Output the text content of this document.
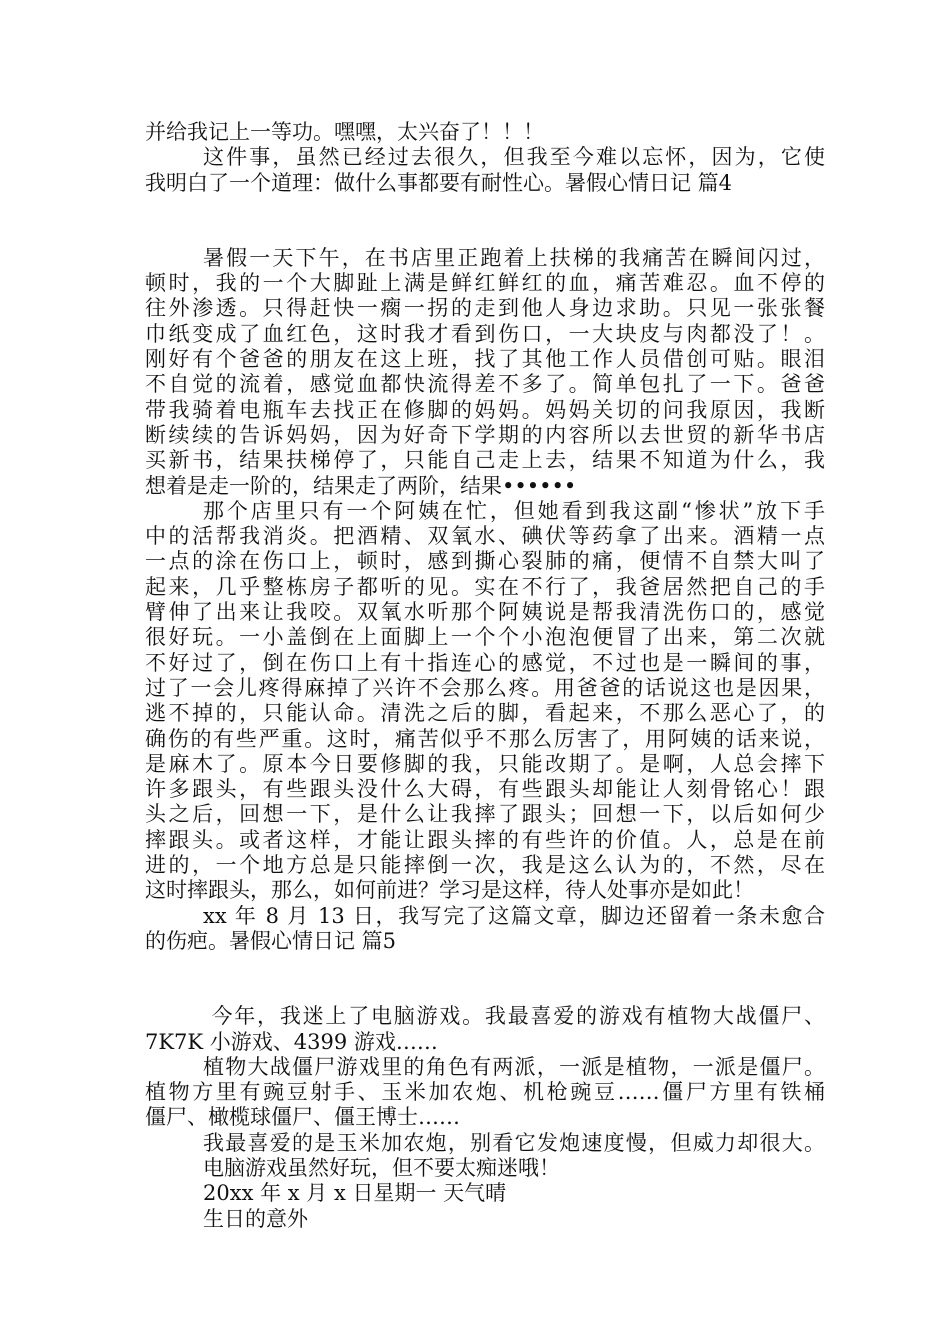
并给我记上一等功。嘿嘿，太兴奋了！！！
这件事，虽然已经过去很久，但我至今难以忘怀，因为，它使
我明白了一个道理：做什么事都要有耐性心。暑假心情日记 篇4
暑假一天下午，在书店里正跑着上扶梯的我痛苦在瞬间闪过，
顿时，我的一个大脚趾上满是鲜红鲜红的血，痛苦难忍。血不停的
往外渗透。只得赶快一瘸一拐的走到他人身边求助。只见一张张餐
巾纸变成了血红色，这时我才看到伤口，一大块皮与肉都没了！。
刚好有个爸爸的朋友在这上班，找了其他工作人员借创可贴。眼泪
不自觉的流着，感觉血都快流得差不多了。简单包扎了一下。爸爸
带我骑着电瓶车去找正在修脚的妈妈。妈妈关切的问我原因，我断
断续续的告诉妈妈，因为好奇下学期的内容所以去世贸的新华书店
买新书，结果扶梯停了，只能自己走上去，结果不知道为什么，我
想着是走一阶的，结果走了两阶，结果••••••
那个店里只有一个阿姨在忙，但她看到我这副“惨状”放下手
中的活帮我消炎。把酒精、双氧水、碘伏等药拿了出来。酒精一点
一点的涂在伤口上，顿时，感到撕心裂肺的痛，便情不自禁大叫了
起来，几乎整栋房子都听的见。实在不行了，我爸居然把自己的手
臂伸了出来让我咬。双氧水听那个阿姨说是帮我清洗伤口的，感觉
很好玩。一小盖倒在上面脚上一个个小泡泡便冒了出来，第二次就
不好过了，倒在伤口上有十指连心的感觉，不过也是一瞬间的事，
过了一会儿疼得麻掉了兴许不会那么疼。用爸爸的话说这也是因果，
逃不掉的，只能认命。清洗之后的脚，看起来，不那么恶心了，的
确伤的有些严重。这时，痛苦似乎不那么厉害了，用阿姨的话来说，
是麻木了。原本今日要修脚的我，只能改期了。是啊，人总会摔下
许多跟头，有些跟头没什么大碍，有些跟头却能让人刻骨铭心！跟
头之后，回想一下，是什么让我摔了跟头；回想一下，以后如何少
摔跟头。或者这样，才能让跟头摔的有些许的价值。人，总是在前
进的，一个地方总是只能摔倒一次，我是这么认为的，不然，尽在
这时摔跟头，那么，如何前进？学习是这样，待人处事亦是如此！
xx 年 8 月 13 日，我写完了这篇文章，脚边还留着一条未愈合
的伤疤。暑假心情日记 篇5
今年，我迷上了电脑游戏。我最喜爱的游戏有植物大战僵尸、
7K7K 小游戏、4399 游戏……
植物大战僵尸游戏里的角色有两派，一派是植物，一派是僵尸。
植物方里有豌豆射手、玉米加农炮、机枪豌豆……僵尸方里有铁桶
僵尸、橄榄球僵尸、僵王博士……
我最喜爱的是玉米加农炮，别看它发炮速度慢，但威力却很大。
电脑游戏虽然好玩，但不要太痴迷哦！
20xx 年 x 月 x 日星期一 天气晴
生日的意外
